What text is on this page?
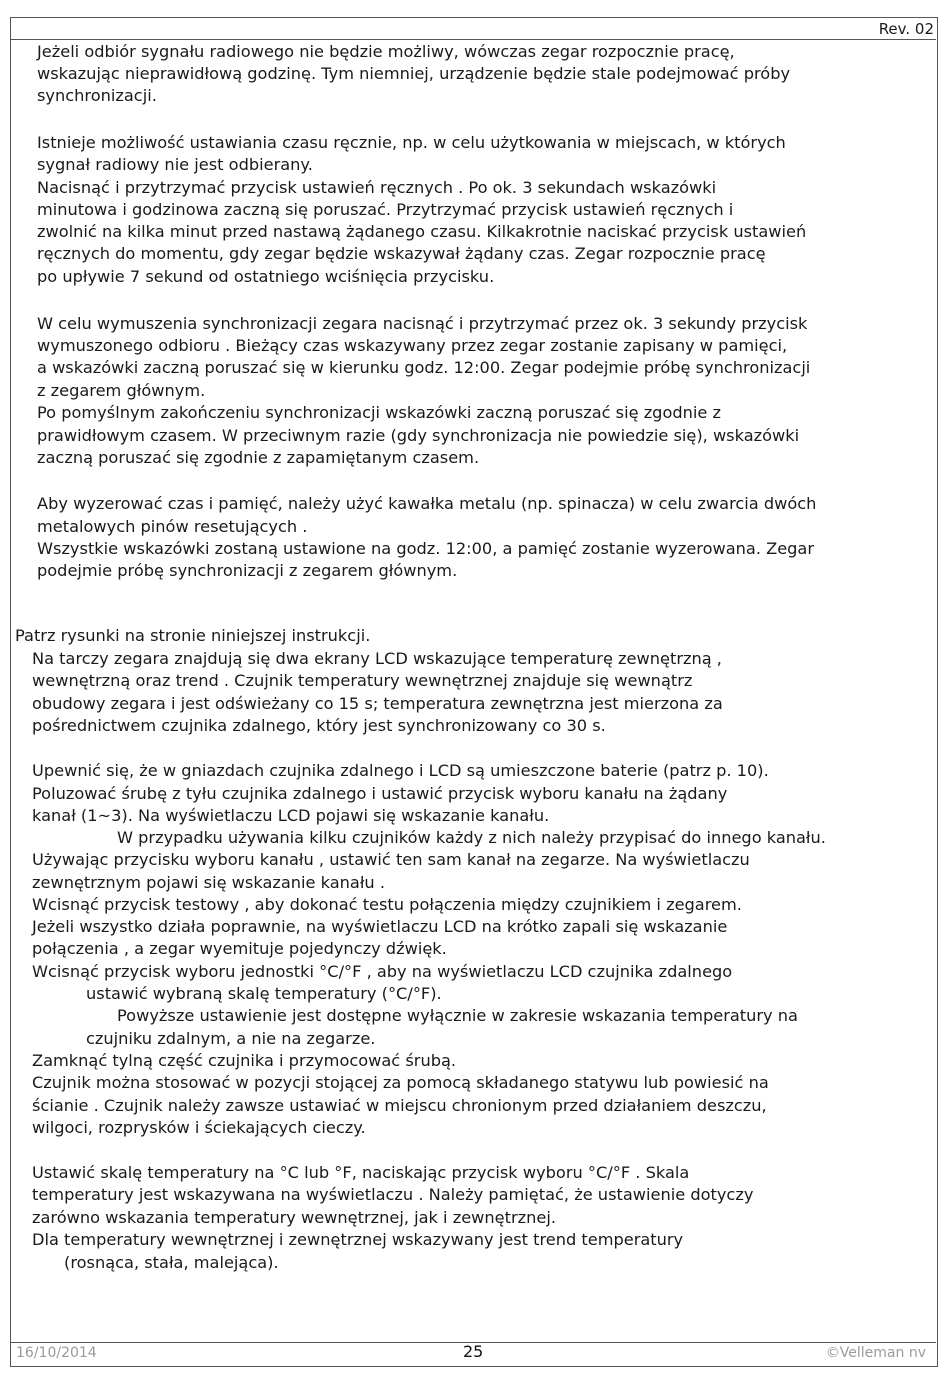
Rev. 02
Jeżeli odbiór sygnału radiowego nie będzie możliwy, wówczas zegar rozpocznie pracę,
wskazując nieprawidłową godzinę. Tym niemniej, urządzenie będzie stale podejmować próby
synchronizacji.
Istnieje możliwość ustawiania czasu ręcznie, np. w celu użytkowania w miejscach, w których
sygnał radiowy nie jest odbierany.
Nacisnąć i przytrzymać przycisk ustawień ręcznych . Po ok. 3 sekundach wskazówki
minutowa i godzinowa zaczną się poruszać. Przytrzymać przycisk ustawień ręcznych i
zwolnić na kilka minut przed nastawą żądanego czasu. Kilkakrotnie naciskać przycisk ustawień
ręcznych do momentu, gdy zegar będzie wskazywał żądany czas. Zegar rozpocznie pracę
po upływie 7 sekund od ostatniego wciśnięcia przycisku.
W celu wymuszenia synchronizacji zegara nacisnąć i przytrzymać przez ok. 3 sekundy przycisk
wymuszonego odbioru . Bieżący czas wskazywany przez zegar zostanie zapisany w pamięci,
a wskazówki zaczną poruszać się w kierunku godz. 12:00. Zegar podejmie próbę synchronizacji
z zegarem głównym.
Po pomyślnym zakończeniu synchronizacji wskazówki zaczną poruszać się zgodnie z
prawidłowym czasem. W przeciwnym razie (gdy synchronizacja nie powiedzie się), wskazówki
zaczną poruszać się zgodnie z zapamiętanym czasem.
Aby wyzerować czas i pamięć, należy użyć kawałka metalu (np. spinacza) w celu zwarcia dwóch
metalowych pinów resetujących .
Wszystkie wskazówki zostaną ustawione na godz. 12:00, a pamięć zostanie wyzerowana. Zegar
podejmie próbę synchronizacji z zegarem głównym.
Patrz rysunki na stronie niniejszej instrukcji.
Na tarczy zegara znajdują się dwa ekrany LCD wskazujące temperaturę zewnętrzną ,
wewnętrzną oraz trend . Czujnik temperatury wewnętrznej znajduje się wewnątrz
obudowy zegara i jest odświeżany co 15 s; temperatura zewnętrzna jest mierzona za
pośrednictwem czujnika zdalnego, który jest synchronizowany co 30 s.
Upewnić się, że w gniazdach czujnika zdalnego i LCD są umieszczone baterie (patrz p. 10).
Poluzować śrubę z tyłu czujnika zdalnego i ustawić przycisk wyboru kanału na żądany
kanał (1~3). Na wyświetlaczu LCD pojawi się wskazanie kanału.
W przypadku używania kilku czujników każdy z nich należy przypisać do innego kanału.
Używając przycisku wyboru kanału , ustawić ten sam kanał na zegarze. Na wyświetlaczu
zewnętrznym pojawi się wskazanie kanału .
Wcisnąć przycisk testowy , aby dokonać testu połączenia między czujnikiem i zegarem.
Jeżeli wszystko działa poprawnie, na wyświetlaczu LCD na krótko zapali się wskazanie
połączenia , a zegar wyemituje pojedynczy dźwięk.
Wcisnąć przycisk wyboru jednostki °C/°F , aby na wyświetlaczu LCD czujnika zdalnego
ustawić wybraną skalę temperatury (°C/°F).
Powyższe ustawienie jest dostępne wyłącznie w zakresie wskazania temperatury na
czujniku zdalnym, a nie na zegarze.
Zamknąć tylną część czujnika i przymocować śrubą.
Czujnik można stosować w pozycji stojącej za pomocą składanego statywu lub powiesić na
ścianie . Czujnik należy zawsze ustawiać w miejscu chronionym przed działaniem deszczu,
wilgoci, rozprysków i ściekających cieczy.
Ustawić skalę temperatury na °C lub °F, naciskając przycisk wyboru °C/°F . Skala
temperatury jest wskazywana na wyświetlaczu . Należy pamiętać, że ustawienie dotyczy
zarówno wskazania temperatury wewnętrznej, jak i zewnętrznej.
Dla temperatury wewnętrznej i zewnętrznej wskazywany jest trend temperatury
(rosnąca, stała, malejąca).
16/10/2014	25	©Velleman nv
